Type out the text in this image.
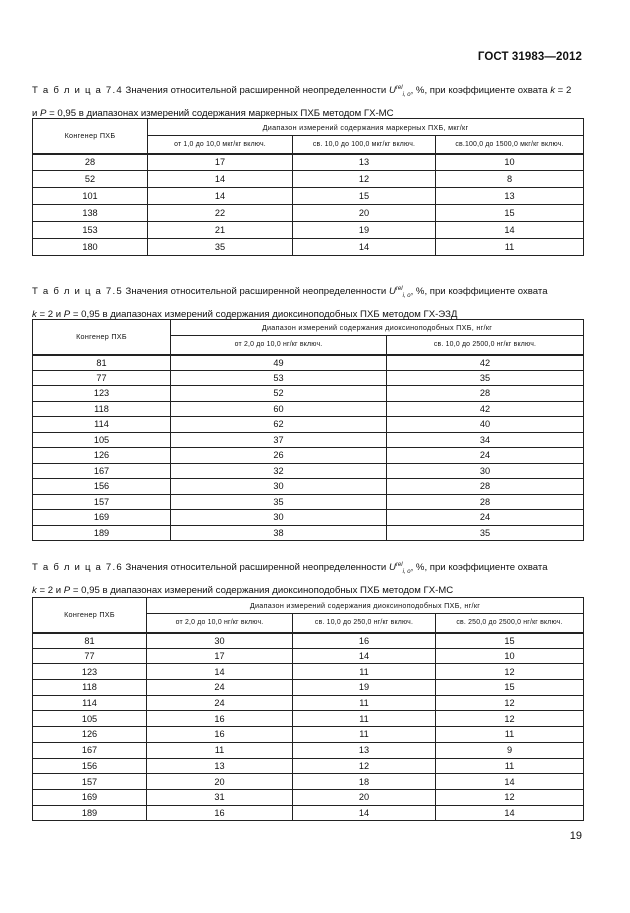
ГОСТ 31983—2012
Т а б л и ц а 7.4 Значения относительной расширенной неопределенности $U^{rel}_{i, o}$, %, при коэффициенте охвата k = 2
и P = 0,95 в диапазонах измерений содержания маркерных ПХБ методом ГХ-МС
Конгенер ПХБ	Диапазон измерений содержания маркерных ПХБ, мкг/кг		
	от 1,0 до 10,0 мкг/кг включ.	св. 10,0 до 100,0 мкг/кг включ.	св.100,0 до 1500,0 мкг/кг включ.
28	17	13	10
52	14	12	8
101	14	15	13
138	22	20	15
153	21	19	14
180	35	14	11
Т а б л и ц а 7.5 Значения относительной расширенной неопределенности $U^{rel}_{i, o}$, %, при коэффициенте охвата
k = 2 и P = 0,95 в диапазонах измерений содержания диоксиноподобных ПХБ методом ГХ-ЭЗД
Конгенер ПХБ	Диапазон измерений содержания диоксиноподобных ПХБ, нг/кг	
	от 2,0 до 10,0 нг/кг включ.	св. 10,0 до 2500,0 нг/кг включ.
81	49	42
77	53	35
123	52	28
118	60	42
114	62	40
105	37	34
126	26	24
167	32	30
156	30	28
157	35	28
169	30	24
189	38	35
Т а б л и ц а 7.6 Значения относительной расширенной неопределенности $U^{rel}_{i, o}$, %, при коэффициенте охвата
k = 2 и P = 0,95 в диапазонах измерений содержания диоксиноподобных ПХБ методом ГХ-МС
Конгенер ПХБ	Диапазон измерений содержания диоксиноподобных ПХБ, нг/кг		
	от 2,0 до 10,0 нг/кг включ.	св. 10,0 до 250,0 нг/кг включ.	св. 250,0 до 2500,0 нг/кг включ.
81	30	16	15
77	17	14	10
123	14	11	12
118	24	19	15
114	24	11	12
105	16	11	12
126	16	11	11
167	11	13	9
156	13	12	11
157	20	18	14
169	31	20	12
189	16	14	14
19
